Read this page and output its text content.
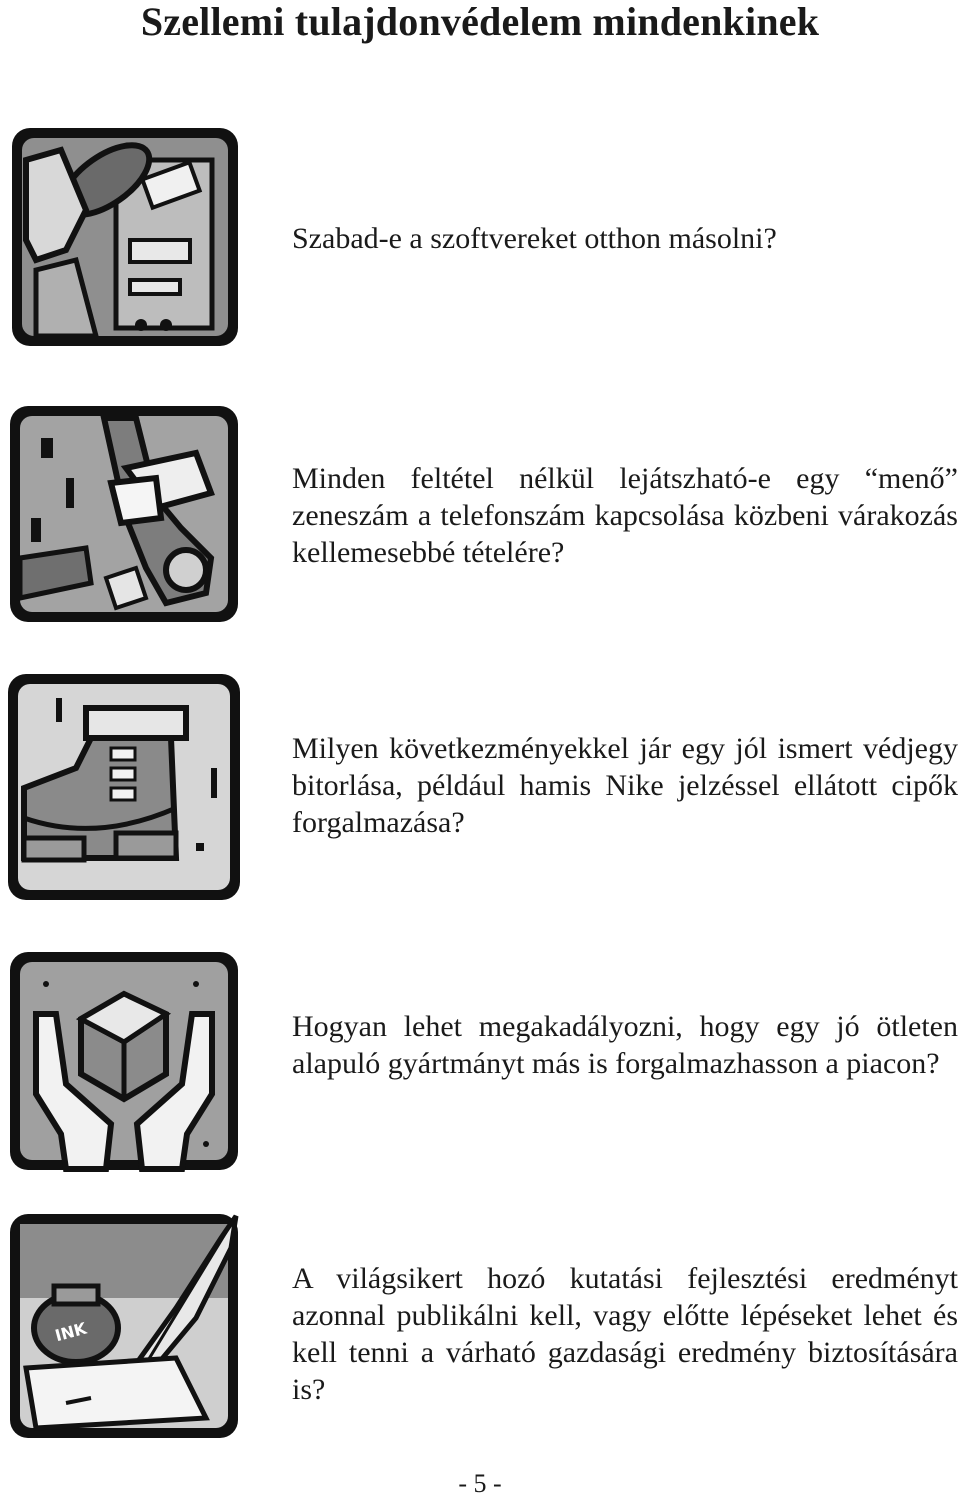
Szellemi tulajdonvédelem mindenkinek

Szabad-e a szoftvereket otthon másolni?

Minden feltétel nélkül lejátszható-e egy “menő” zeneszám a telefonszám kapcsolása közbeni várakozás kellemesebbé tételére?

Milyen következményekkel jár egy jól ismert védjegy bitorlása, például hamis Nike jelzéssel ellátott cipők forgalmazása?

Hogyan lehet megakadályozni, hogy egy jó ötleten alapuló gyártmányt más is forgalmazhasson a piacon?

INK

A világsikert hozó kutatási fejlesztési eredményt azonnal publikálni kell, vagy előtte lépéseket lehet és kell tenni a várható gazdasági eredmény biztosítására is?

- 5 -
